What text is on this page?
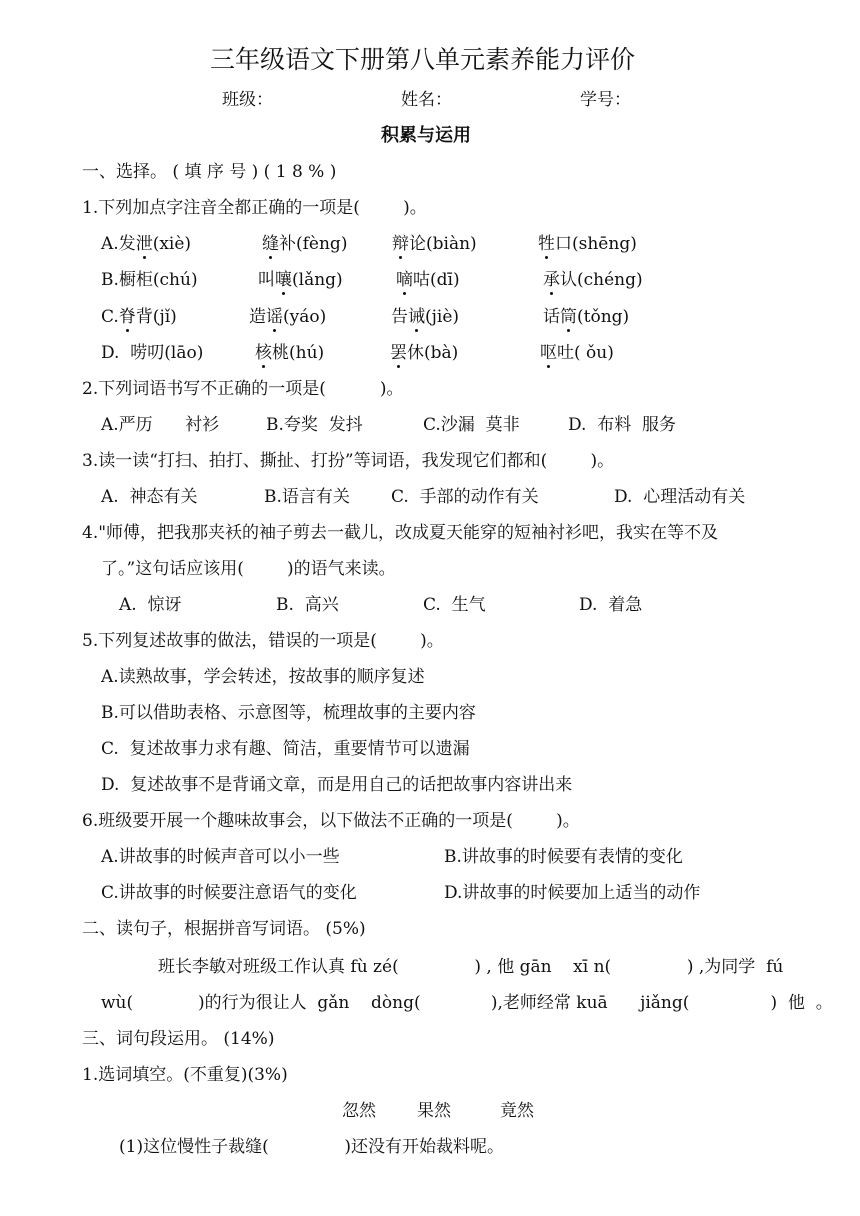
三年级语文下册第八单元素养能力评价
班级：	姓名：	学号：
积累与运用
一、选择。 ( 填 序 号 ) ( 1 8 % )
1.下列加点字注音全都正确的一项是(        )。
A.发泄(xiè)	缝补(fèng)	辩论(biàn)	牲口(shēng)
B.橱柜(chú)	叫嚷(lǎng)	嘀咕(dī)	承认(chéng)
C.脊背(jǐ)	造谣(yáo)	告诫(jiè)	话筒(tǒng)
D.  唠叨(lāo)	核桃(hú)	罢休(bà)	呕吐( ǒu)
2.下列词语书写不正确的一项是(          )。
A.严历      衬衫	B.夸奖  发抖	C.沙漏  莫非	D.  布料  服务
3.读一读“打扫、拍打、撕扯、打扮”等词语，我发现它们都和(        )。
A.  神态有关	B.语言有关 C.  手部的动作有关	D.  心理活动有关
4."师傅，把我那夹袄的袖子剪去一截儿，改成夏天能穿的短袖衬衫吧，我实在等不及
了。”这句话应该用(        )的语气来读。
A.  惊讶	B.  高兴	C.  生气	D.  着急
5.下列复述故事的做法，错误的一项是(        )。
A.读熟故事，学会转述，按故事的顺序复述
B.可以借助表格、示意图等，梳理故事的主要内容
C.  复述故事力求有趣、简洁，重要情节可以遗漏
D.  复述故事不是背诵文章，而是用自己的话把故事内容讲出来
6.班级要开展一个趣味故事会，以下做法不正确的一项是(        )。
A.讲故事的时候声音可以小一些	B.讲故事的时候要有表情的变化
C.讲故事的时候要注意语气的变化	D.讲故事的时候要加上适当的动作
二、读句子，根据拼音写词语。 (5%)
班长李敏对班级工作认真 fù zé(              ) , 他 gān    xī n(              ) ,为同学  fú
wù(            )的行为很让人  gǎn    dòng(             ),老师经常 kuā      jiǎng(               )  他  。
三、词句段运用。 (14%)
1.选词填空。(不重复)(3%)
忽然 果然	竟然
(1)这位慢性子裁缝(              )还没有开始裁料呢。
